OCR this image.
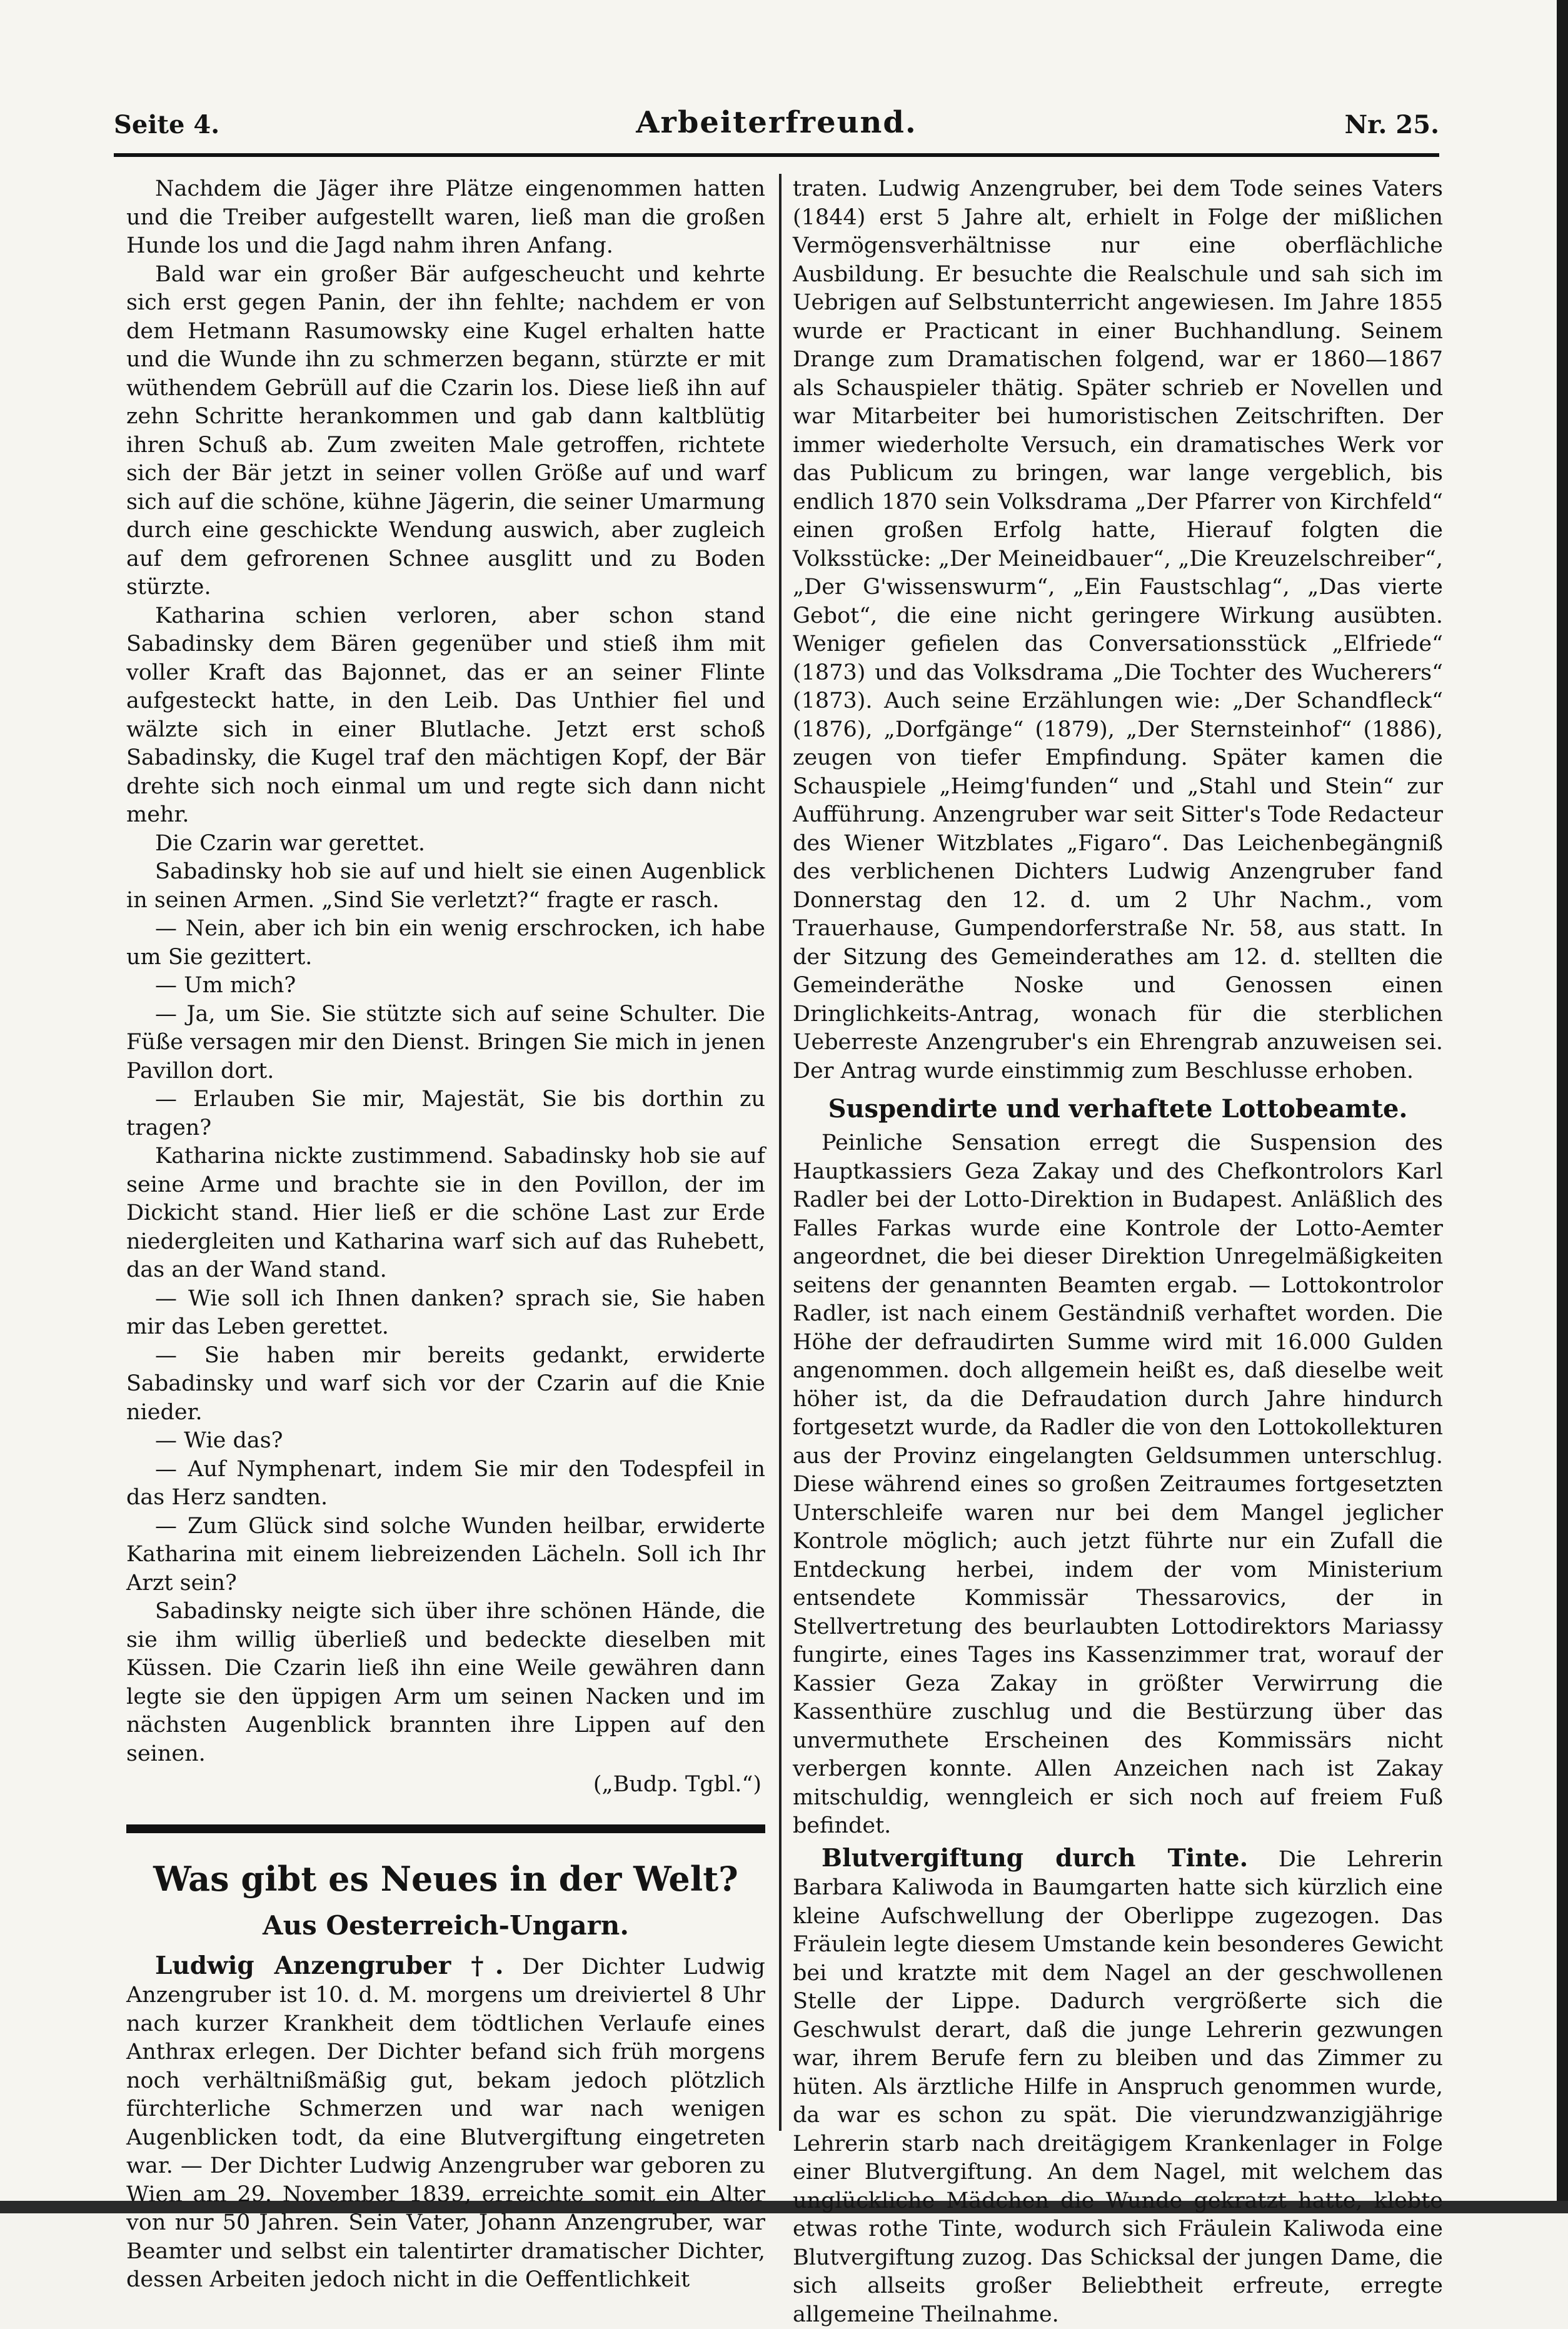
Seite 4.	Arbeiterfreund.	Nr. 25.

Nachdem die Jäger ihre Plätze eingenommen hatten und die Treiber aufgestellt waren, ließ man die großen Hunde los und die Jagd nahm ihren Anfang.

Bald war ein großer Bär aufgescheucht und kehrte sich erst gegen Panin, der ihn fehlte; nachdem er von dem Hetmann Rasumowsky eine Kugel erhalten hatte und die Wunde ihn zu schmerzen begann, stürzte er mit wüthendem Gebrüll auf die Czarin los. Diese ließ ihn auf zehn Schritte herankommen und gab dann kaltblütig ihren Schuß ab. Zum zweiten Male getroffen, richtete sich der Bär jetzt in seiner vollen Größe auf und warf sich auf die schöne, kühne Jägerin, die seiner Umarmung durch eine geschickte Wendung auswich, aber zugleich auf dem gefrorenen Schnee ausglitt und zu Boden stürzte.

Katharina schien verloren, aber schon stand Sabadinsky dem Bären gegenüber und stieß ihm mit voller Kraft das Bajonnet, das er an seiner Flinte aufgesteckt hatte, in den Leib. Das Unthier fiel und wälzte sich in einer Blutlache. Jetzt erst schoß Sabadinsky, die Kugel traf den mächtigen Kopf, der Bär drehte sich noch einmal um und regte sich dann nicht mehr.

Die Czarin war gerettet.

Sabadinsky hob sie auf und hielt sie einen Augenblick in seinen Armen. „Sind Sie verletzt?“ fragte er rasch.

— Nein, aber ich bin ein wenig erschrocken, ich habe um Sie gezittert.

— Um mich?

— Ja, um Sie. Sie stützte sich auf seine Schulter. Die Füße versagen mir den Dienst. Bringen Sie mich in jenen Pavillon dort.

— Erlauben Sie mir, Majestät, Sie bis dorthin zu tragen?

Katharina nickte zustimmend. Sabadinsky hob sie auf seine Arme und brachte sie in den Povillon, der im Dickicht stand. Hier ließ er die schöne Last zur Erde niedergleiten und Katharina warf sich auf das Ruhebett, das an der Wand stand.

— Wie soll ich Ihnen danken? sprach sie, Sie haben mir das Leben gerettet.

— Sie haben mir bereits gedankt, erwiderte Sabadinsky und warf sich vor der Czarin auf die Knie nieder.

— Wie das?

— Auf Nymphenart, indem Sie mir den Todespfeil in das Herz sandten.

— Zum Glück sind solche Wunden heilbar, erwiderte Katharina mit einem liebreizenden Lächeln. Soll ich Ihr Arzt sein?

Sabadinsky neigte sich über ihre schönen Hände, die sie ihm willig überließ und bedeckte dieselben mit Küssen. Die Czarin ließ ihn eine Weile gewähren dann legte sie den üppigen Arm um seinen Nacken und im nächsten Augenblick brannten ihre Lippen auf den seinen.

(„Budp. Tgbl.“)
Was gibt es Neues in der Welt?
Aus Oesterreich-Ungarn.

Ludwig Anzengruber †. Der Dichter Ludwig Anzengruber ist 10. d. M. morgens um dreiviertel 8 Uhr nach kurzer Krankheit dem tödtlichen Verlaufe eines Anthrax erlegen. Der Dichter befand sich früh morgens noch verhältnißmäßig gut, bekam jedoch plötzlich fürchterliche Schmerzen und war nach wenigen Augenblicken todt, da eine Blutvergiftung eingetreten war. — Der Dichter Ludwig Anzengruber war geboren zu Wien am 29. November 1839, erreichte somit ein Alter von nur 50 Jahren. Sein Vater, Johann Anzengruber, war Beamter und selbst ein talentirter dramatischer Dichter, dessen Arbeiten jedoch nicht in die Oeffentlichkeit

traten. Ludwig Anzengruber, bei dem Tode seines Vaters (1844) erst 5 Jahre alt, erhielt in Folge der mißlichen Vermögensverhältnisse nur eine oberflächliche Ausbildung. Er besuchte die Realschule und sah sich im Uebrigen auf Selbstunterricht angewiesen. Im Jahre 1855 wurde er Practicant in einer Buchhandlung. Seinem Drange zum Dramatischen folgend, war er 1860—1867 als Schauspieler thätig. Später schrieb er Novellen und war Mitarbeiter bei humoristischen Zeitschriften. Der immer wiederholte Versuch, ein dramatisches Werk vor das Publicum zu bringen, war lange vergeblich, bis endlich 1870 sein Volksdrama „Der Pfarrer von Kirchfeld“ einen großen Erfolg hatte, Hierauf folgten die Volksstücke: „Der Meineidbauer“, „Die Kreuzelschreiber“, „Der G'wissenswurm“, „Ein Faustschlag“, „Das vierte Gebot“, die eine nicht geringere Wirkung ausübten. Weniger gefielen das Conversationsstück „Elfriede“ (1873) und das Volksdrama „Die Tochter des Wucherers“ (1873). Auch seine Erzählungen wie: „Der Schandfleck“ (1876), „Dorfgänge“ (1879), „Der Sternsteinhof“ (1886), zeugen von tiefer Empfindung. Später kamen die Schauspiele „Heimg'funden“ und „Stahl und Stein“ zur Aufführung. Anzengruber war seit Sitter's Tode Redacteur des Wiener Witzblates „Figaro“. Das Leichenbegängniß des verblichenen Dichters Ludwig Anzengruber fand Donnerstag den 12. d. um 2 Uhr Nachm., vom Trauerhause, Gumpendorferstraße Nr. 58, aus statt. In der Sitzung des Gemeinderathes am 12. d. stellten die Gemeinderäthe Noske und Genossen einen Dringlichkeits-Antrag, wonach für die sterblichen Ueberreste Anzengruber's ein Ehrengrab anzuweisen sei. Der Antrag wurde einstimmig zum Beschlusse erhoben.

Suspendirte und verhaftete Lottobeamte.

Peinliche Sensation erregt die Suspension des Hauptkassiers Geza Zakay und des Chefkontrolors Karl Radler bei der Lotto-Direktion in Budapest. Anläßlich des Falles Farkas wurde eine Kontrole der Lotto-Aemter angeordnet, die bei dieser Direktion Unregelmäßigkeiten seitens der genannten Beamten ergab. — Lottokontrolor Radler, ist nach einem Geständniß verhaftet worden. Die Höhe der defraudirten Summe wird mit 16.000 Gulden angenommen. doch allgemein heißt es, daß dieselbe weit höher ist, da die Defraudation durch Jahre hindurch fortgesetzt wurde, da Radler die von den Lottokollekturen aus der Provinz eingelangten Geldsummen unterschlug. Diese während eines so großen Zeitraumes fortgesetzten Unterschleife waren nur bei dem Mangel jeglicher Kontrole möglich; auch jetzt führte nur ein Zufall die Entdeckung herbei, indem der vom Ministerium entsendete Kommissär Thessarovics, der in Stellvertretung des beurlaubten Lottodirektors Mariassy fungirte, eines Tages ins Kassenzimmer trat, worauf der Kassier Geza Zakay in größter Verwirrung die Kassenthüre zuschlug und die Bestürzung über das unvermuthete Erscheinen des Kommissärs nicht verbergen konnte. Allen Anzeichen nach ist Zakay mitschuldig, wenngleich er sich noch auf freiem Fuß befindet.

Blutvergiftung durch Tinte. Die Lehrerin Barbara Kaliwoda in Baumgarten hatte sich kürzlich eine kleine Aufschwellung der Oberlippe zugezogen. Das Fräulein legte diesem Umstande kein besonderes Gewicht bei und kratzte mit dem Nagel an der geschwollenen Stelle der Lippe. Dadurch vergrößerte sich die Geschwulst derart, daß die junge Lehrerin gezwungen war, ihrem Berufe fern zu bleiben und das Zimmer zu hüten. Als ärztliche Hilfe in Anspruch genommen wurde, da war es schon zu spät. Die vierundzwanzigjährige Lehrerin starb nach dreitägigem Krankenlager in Folge einer Blutvergiftung. An dem Nagel, mit welchem das unglückliche Mädchen die Wunde gekratzt hatte, klebte etwas rothe Tinte, wodurch sich Fräulein Kaliwoda eine Blutvergiftung zuzog. Das Schicksal der jungen Dame, die sich allseits großer Beliebtheit erfreute, erregte allgemeine Theilnahme.
